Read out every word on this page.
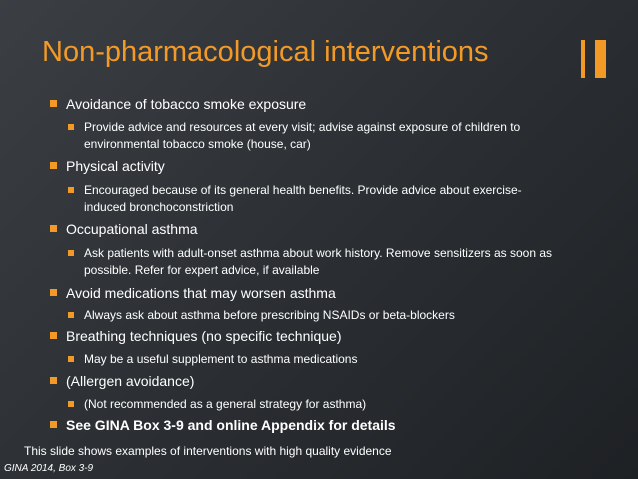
Non-pharmacological interventions
Avoidance of tobacco smoke exposure
Provide advice and resources at every visit; advise against exposure of children to environmental tobacco smoke (house, car)
Physical activity
Encouraged because of its general health benefits. Provide advice about exercise-induced bronchoconstriction
Occupational asthma
Ask patients with adult-onset asthma about work history. Remove sensitizers as soon as possible. Refer for expert advice, if available
Avoid medications that may worsen asthma
Always ask about asthma before prescribing NSAIDs or beta-blockers
Breathing techniques (no specific technique)
May be a useful supplement to asthma medications
(Allergen avoidance)
(Not recommended as a general strategy for asthma)
See GINA Box 3-9 and online Appendix for details
This slide shows examples of interventions with high quality evidence
GINA 2014, Box 3-9
